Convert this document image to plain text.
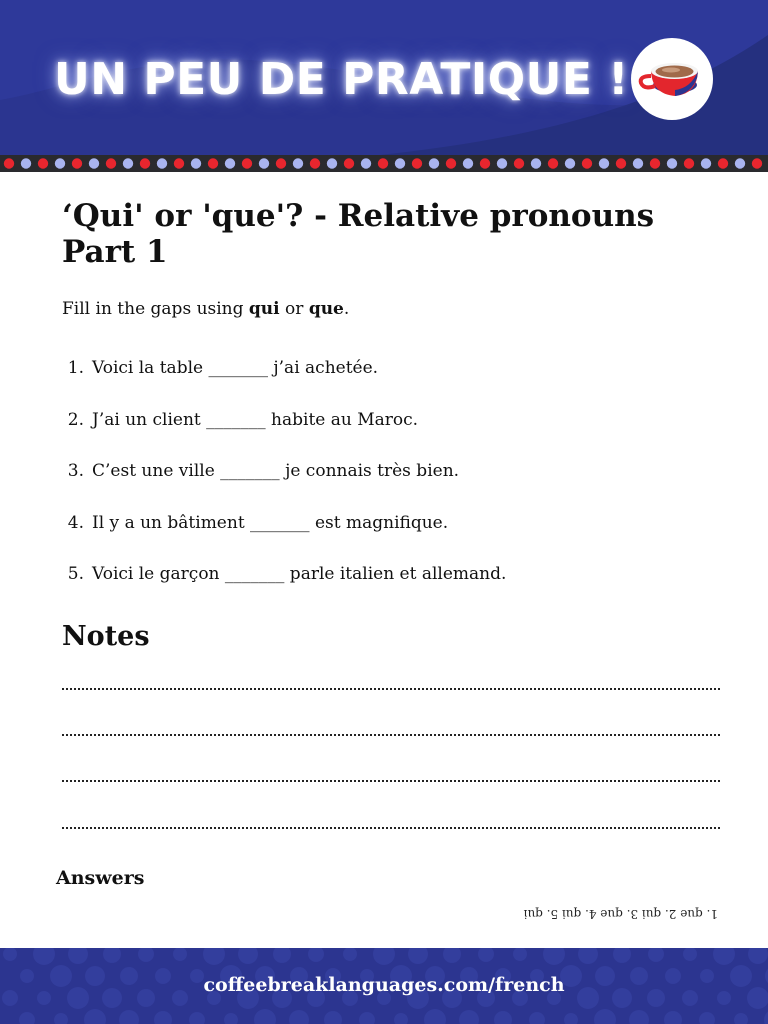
UN PEU DE PRATIQUE !
‘Qui' or 'que'? - Relative pronouns Part 1

Fill in the gaps using qui or que.

1. Voici la table _______ j’ai achetée.
2. J’ai un client _______ habite au Maroc.
3. C’est une ville _______ je connais très bien.
4. Il y a un bâtiment _______ est magnifique.
5. Voici le garçon _______ parle italien et allemand.
Notes
Answers
1. que 2. qui 3. que 4. qui 5. qui
coffeebreaklanguages.com/french
